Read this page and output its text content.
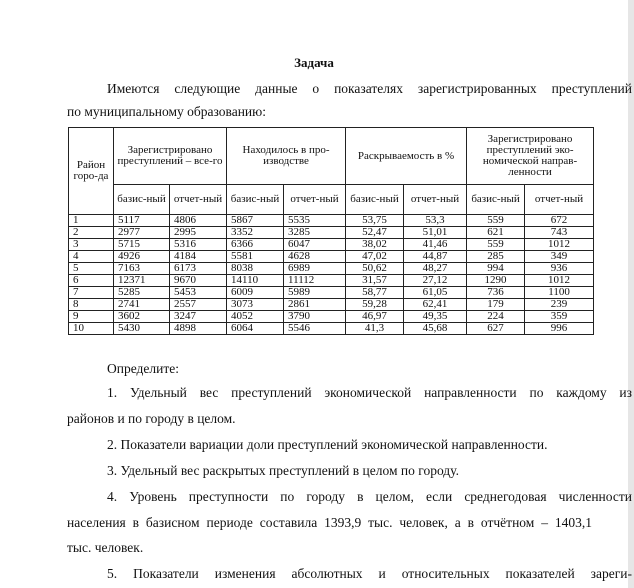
Задача
Имеются следующие данные о показателях зарегистрированных преступлений
по муниципальному образованию:
Район горо-да	Зарегистрировано преступлений – все-го		Находилось в про-изводстве		Раскрываемость в %		Зарегистрировано преступлений эко-номической направ-ленности	
	базис-ный	отчет-ный	базис-ный	отчет-ный	базис-ный	отчет-ный	базис-ный	отчет-ный
1	5117	4806	5867	5535	53,75	53,3	559	672
2	2977	2995	3352	3285	52,47	51,01	621	743
3	5715	5316	6366	6047	38,02	41,46	559	1012
4	4926	4184	5581	4628	47,02	44,87	285	349
5	7163	6173	8038	6989	50,62	48,27	994	936
6	12371	9670	14110	11112	31,57	27,12	1290	1012
7	5285	5453	6009	5989	58,77	61,05	736	1100
8	2741	2557	3073	2861	59,28	62,41	179	239
9	3602	3247	4052	3790	46,97	49,35	224	359
10	5430	4898	6064	5546	41,3	45,68	627	996
Определите:
1. Удельный вес преступлений экономической направленности по каждому из
районов и по городу в целом.
2. Показатели вариации доли преступлений экономической направленности.
3. Удельный вес раскрытых преступлений в целом по городу.
4. Уровень преступности по городу в целом, если среднегодовая численности
населения в базисном периоде составила 1393,9 тыс. человек, а в отчётном – 1403,1
тыс. человек.
5. Показатели изменения абсолютных и относительных показателей зареги-
